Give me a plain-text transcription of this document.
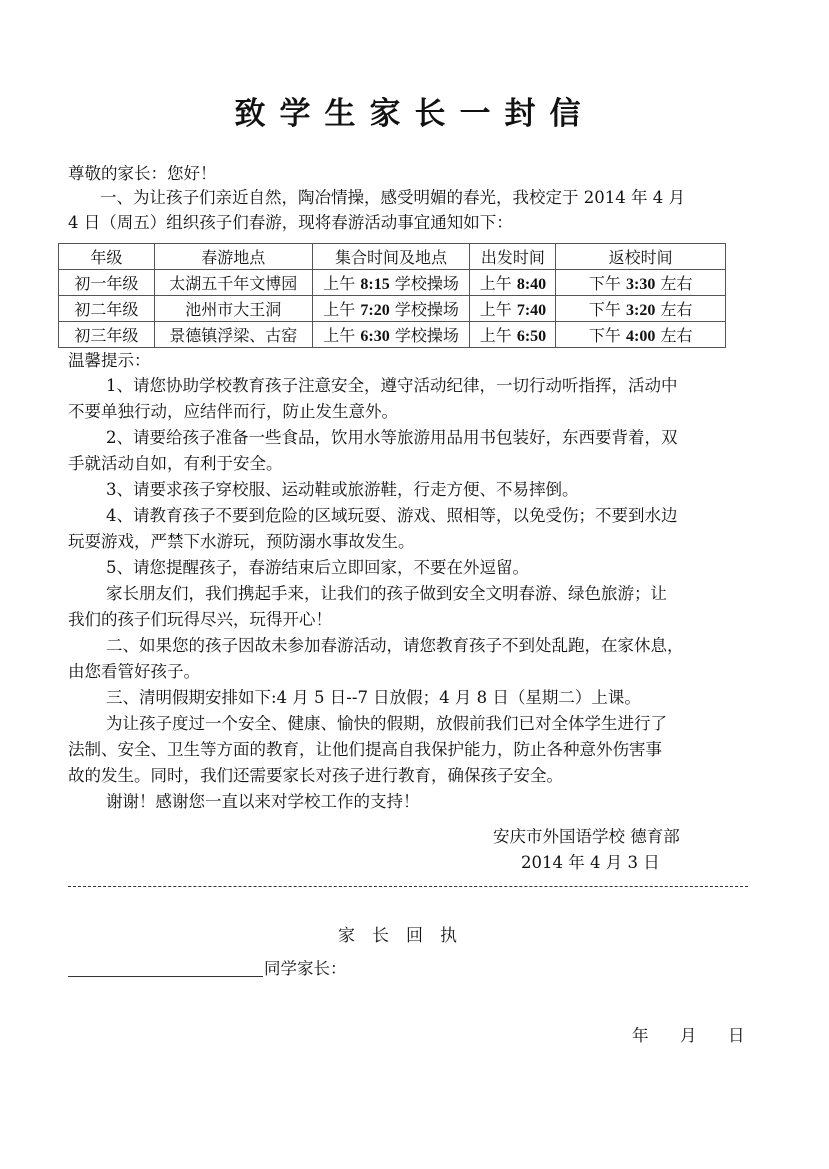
致学生家长一封信
尊敬的家长：您好！
一、为让孩子们亲近自然，陶冶情操，感受明媚的春光，我校定于 2014 年 4 月
4 日（周五）组织孩子们春游，现将春游活动事宜通知如下：
年级	春游地点	集合时间及地点	出发时间	返校时间
初一年级	太湖五千年文博园	上午 8:15 学校操场	上午 8:40	下午 3:30 左右
初二年级	池州市大王洞	上午 7:20 学校操场	上午 7:40	下午 3:20 左右
初三年级	景德镇浮梁、古窑	上午 6:30 学校操场	上午 6:50	下午 4:00 左右
温馨提示：
1、请您协助学校教育孩子注意安全，遵守活动纪律，一切行动听指挥，活动中
不要单独行动，应结伴而行，防止发生意外。
2、请要给孩子准备一些食品，饮用水等旅游用品用书包装好，东西要背着，双
手就活动自如，有利于安全。
3、请要求孩子穿校服、运动鞋或旅游鞋，行走方便、不易摔倒。
4、请教育孩子不要到危险的区域玩耍、游戏、照相等，以免受伤；不要到水边
玩耍游戏，严禁下水游玩，预防溺水事故发生。
5、请您提醒孩子，春游结束后立即回家，不要在外逗留。
家长朋友们，我们携起手来，让我们的孩子做到安全文明春游、绿色旅游；让
我们的孩子们玩得尽兴，玩得开心！
二、如果您的孩子因故未参加春游活动，请您教育孩子不到处乱跑，在家休息，
由您看管好孩子。
三、清明假期安排如下:4 月 5 日--7 日放假；4 月 8 日（星期二）上课。
为让孩子度过一个安全、健康、愉快的假期，放假前我们已对全体学生进行了
法制、安全、卫生等方面的教育，让他们提高自我保护能力，防止各种意外伤害事
故的发生。同时，我们还需要家长对孩子进行教育，确保孩子安全。
谢谢！感谢您一直以来对学校工作的支持！
安庆市外国语学校 德育部
2014 年 4 月 3 日
家　长　回　执
同学家长：
年 月 日
